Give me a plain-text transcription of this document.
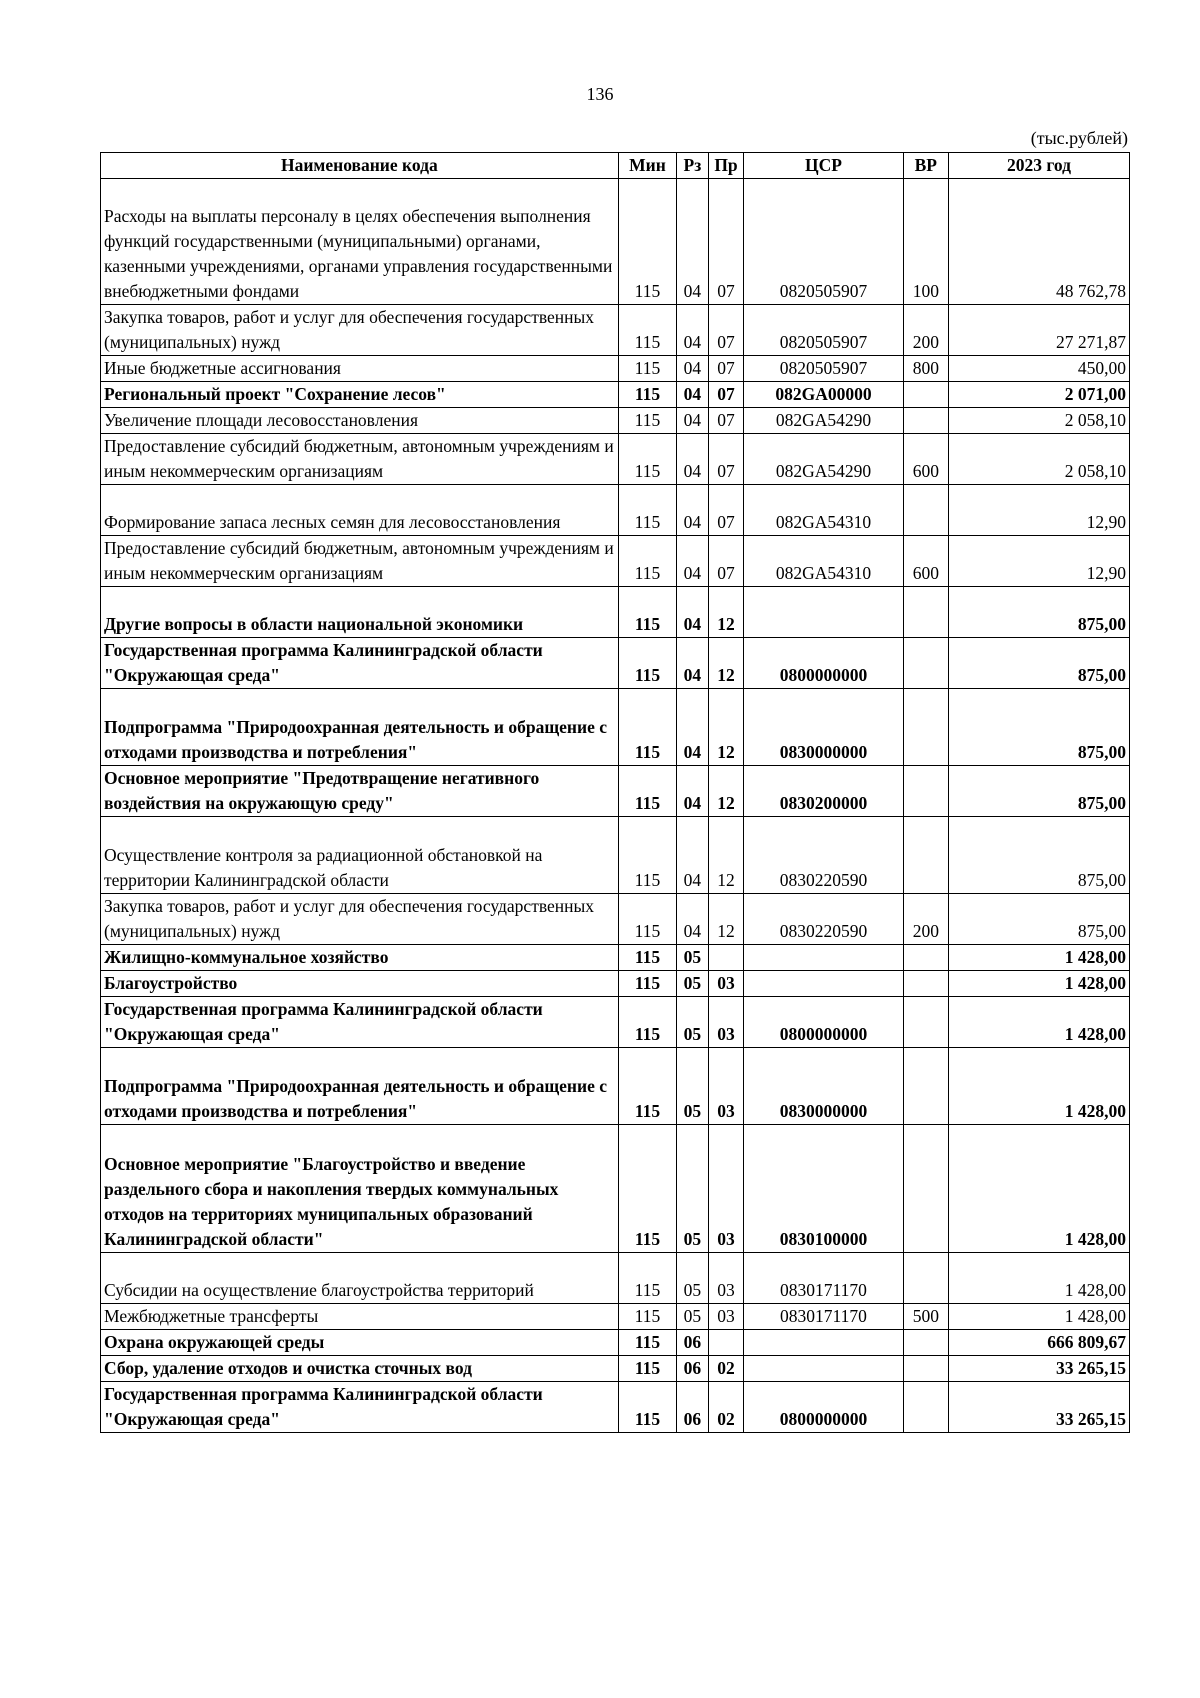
136
(тыс.рублей)
Наименование кода	Мин	Рз	Пр	ЦСР	ВР	2023 год
Расходы на выплаты персоналу в целях обеспечения выполнения функций государственными (муниципальными) органами, казенными учреждениями, органами управления государственными внебюджетными фондами	115	04	07	0820505907	100	48 762,78
Закупка товаров, работ и услуг для обеспечения государственных (муниципальных) нужд	115	04	07	0820505907	200	27 271,87
Иные бюджетные ассигнования	115	04	07	0820505907	800	450,00
Региональный проект "Сохранение лесов"	115	04	07	082GA00000		2 071,00
Увеличение площади лесовосстановления	115	04	07	082GA54290		2 058,10
Предоставление субсидий бюджетным, автономным учреждениям и иным некоммерческим организациям	115	04	07	082GA54290	600	2 058,10
Формирование запаса лесных семян для лесовосстановления	115	04	07	082GA54310		12,90
Предоставление субсидий бюджетным, автономным учреждениям и иным некоммерческим организациям	115	04	07	082GA54310	600	12,90
Другие вопросы в области национальной экономики	115	04	12			875,00
Государственная программа Калининградской области "Окружающая среда"	115	04	12	0800000000		875,00
Подпрограмма "Природоохранная деятельность и обращение с отходами производства и потребления"	115	04	12	0830000000		875,00
Основное мероприятие "Предотвращение негативного воздействия на окружающую среду"	115	04	12	0830200000		875,00
Осуществление контроля за радиационной обстановкой на территории Калининградской области	115	04	12	0830220590		875,00
Закупка товаров, работ и услуг для обеспечения государственных (муниципальных) нужд	115	04	12	0830220590	200	875,00
Жилищно-коммунальное хозяйство	115	05				1 428,00
Благоустройство	115	05	03			1 428,00
Государственная программа Калининградской области "Окружающая среда"	115	05	03	0800000000		1 428,00
Подпрограмма "Природоохранная деятельность и обращение с отходами производства и потребления"	115	05	03	0830000000		1 428,00
Основное мероприятие "Благоустройство и введение раздельного сбора и накопления твердых коммунальных отходов на территориях муниципальных образований Калининградской области"	115	05	03	0830100000		1 428,00
Субсидии на осуществление благоустройства территорий	115	05	03	0830171170		1 428,00
Межбюджетные трансферты	115	05	03	0830171170	500	1 428,00
Охрана окружающей среды	115	06				666 809,67
Сбор, удаление отходов и очистка сточных вод	115	06	02			33 265,15
Государственная программа Калининградской области "Окружающая среда"	115	06	02	0800000000		33 265,15
